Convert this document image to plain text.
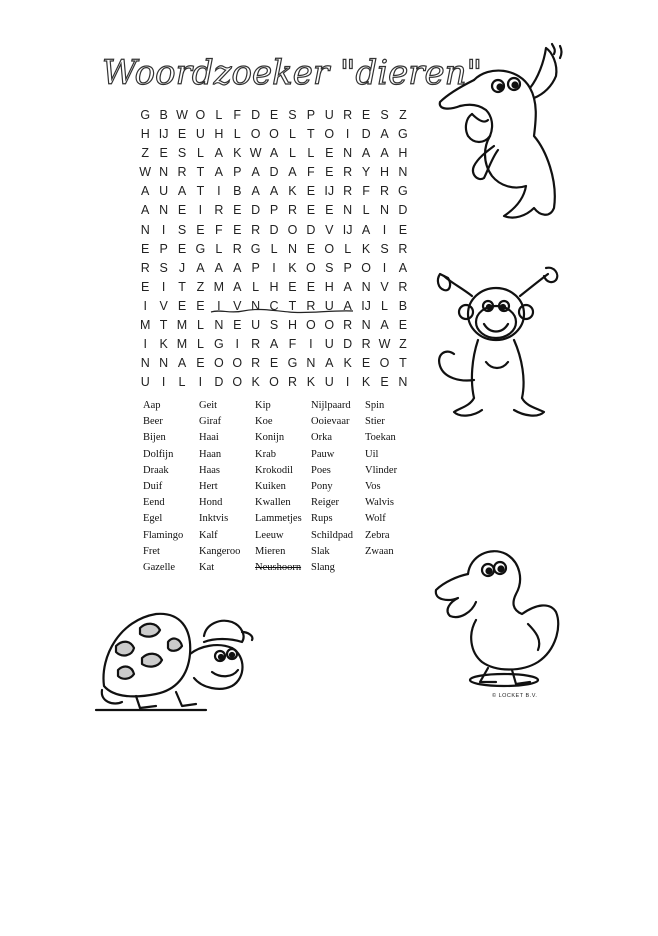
Woordzoeker "dieren"
G B W O L F D E S P U R E S Z
H IJ E U H L O O L T O I D A G
Z E S L A K W A L L E N A A H
W N R T A P A D A F E R Y H N
A U A T	I	B A A K E IJ R F R G
A N E I R E D P R E E N L N D
N I	S E F E R D O D V IJ A I	E
E P E G L R G L N E O L K S R
R S J A A A P I	K O S P O I	A
E I	T Z M A L H E E H A N V R
I	V E E I	V N C T R U A IJ L B
M T M L N E U S H O O R N A E
I	K M L G I R A F	I U D R W Z
N N A E O O R E G N A K E O T
U I	L	I D O K O R K U I	K E N
Aap
Beer
Bijen
Dolfijn
Draak
Duif
Eend
Egel
Flamingo
Fret
Gazelle
Geit
Giraf
Haai
Haan
Haas
Hert
Hond
Inktvis
Kalf
Kangeroo
Kat
Kip
Koe
Konijn
Krab
Krokodil
Kuiken
Kwallen
Lammetjes
Leeuw
Mieren
Neushoorn
Nijlpaard
Ooievaar
Orka
Pauw
Poes
Pony
Reiger
Rups
Schildpad
Slak
Slang
Spin
Stier
Toekan
Uil
Vlinder
Vos
Walvis
Wolf
Zebra
Zwaan
© LOCKET B.V.
